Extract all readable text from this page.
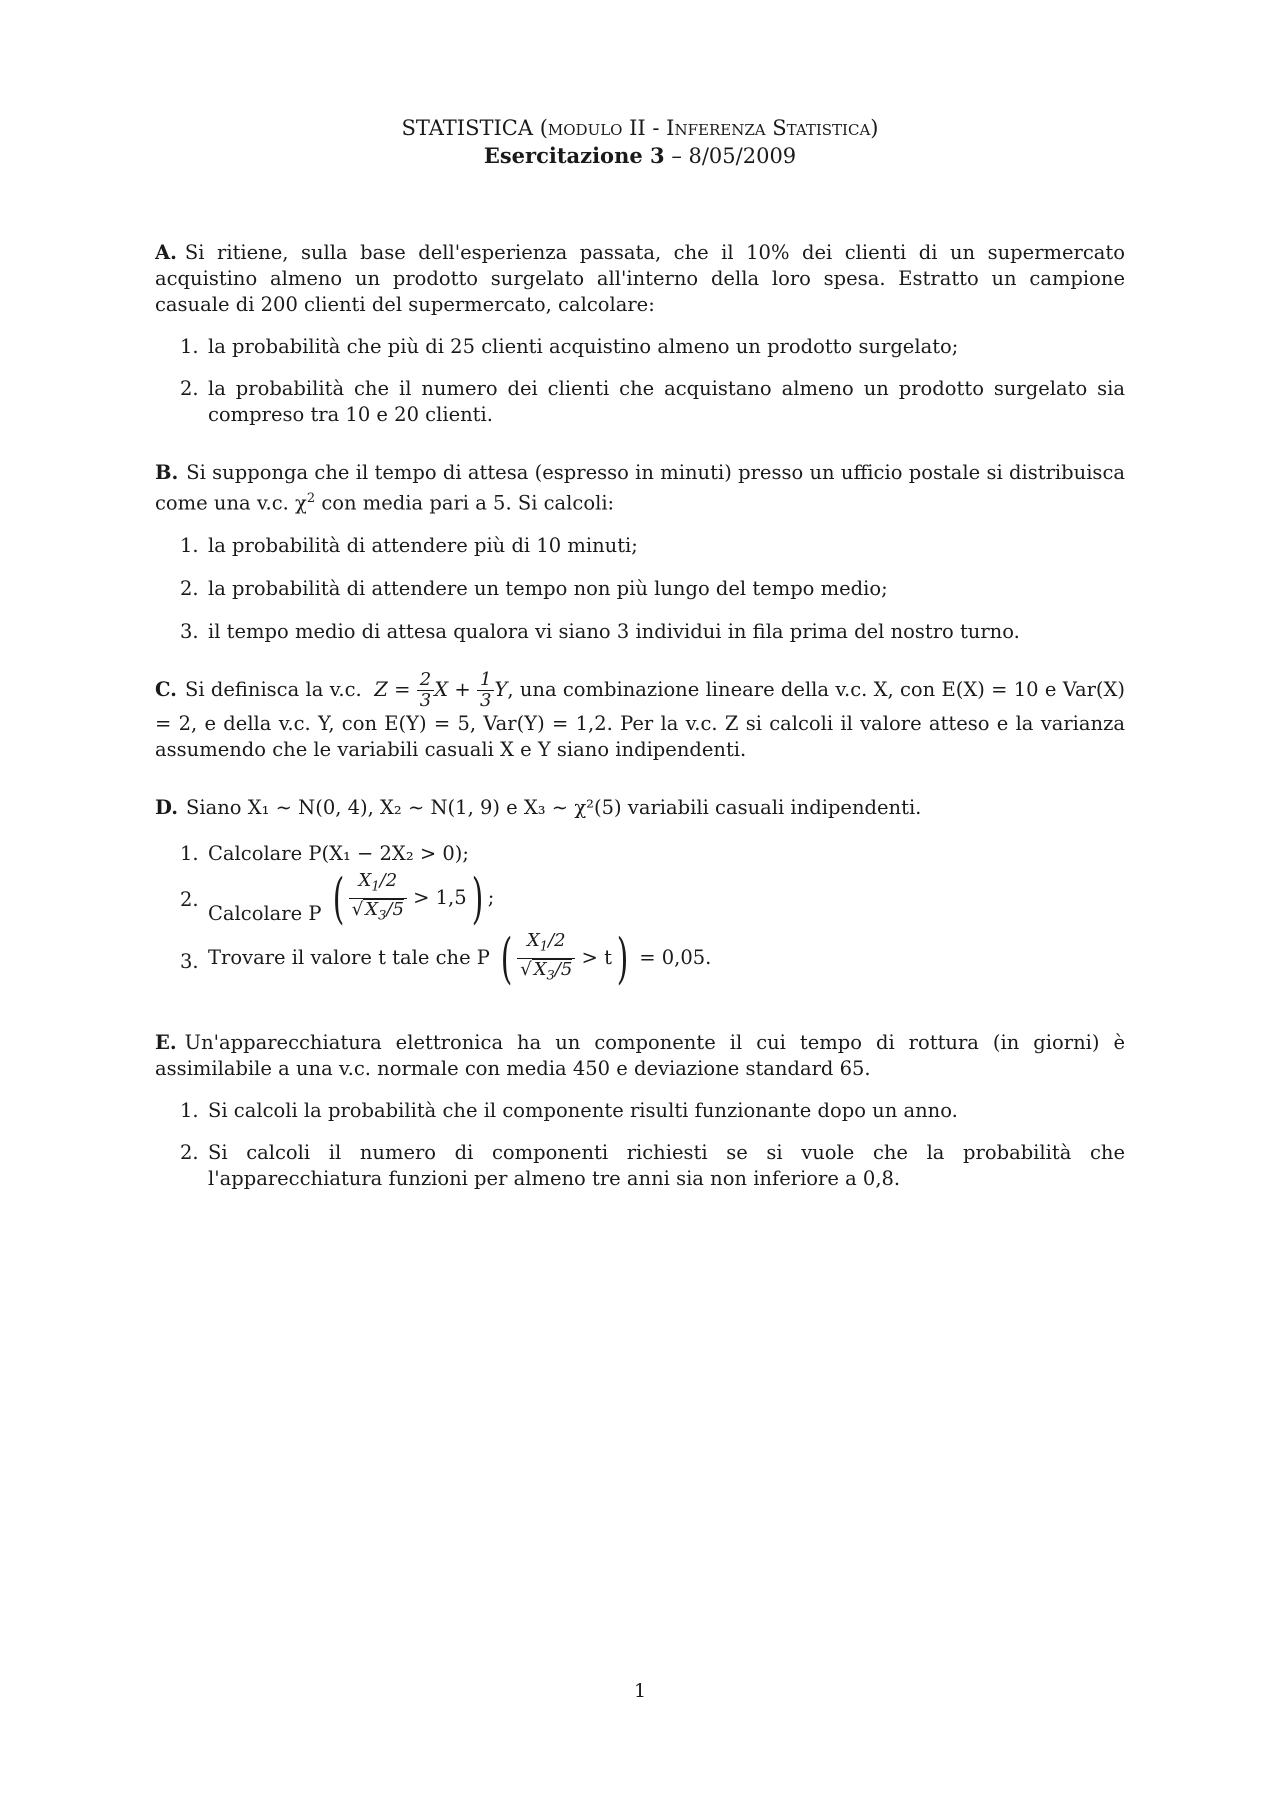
STATISTICA (modulo II - Inferenza Statistica)
Esercitazione 3 – 8/05/2009

A. Si ritiene, sulla base dell'esperienza passata, che il 10% dei clienti di un supermercato acquistino almeno un prodotto surgelato all'interno della loro spesa. Estratto un campione casuale di 200 clienti del supermercato, calcolare:

1. la probabilità che più di 25 clienti acquistino almeno un prodotto surgelato;
2. la probabilità che il numero dei clienti che acquistano almeno un prodotto surgelato sia compreso tra 10 e 20 clienti.

B. Si supponga che il tempo di attesa (espresso in minuti) presso un ufficio postale si distribuisca come una v.c. $\chi^2$ con media pari a 5. Si calcoli:

1. la probabilità di attendere più di 10 minuti;
2. la probabilità di attendere un tempo non più lungo del tempo medio;
3. il tempo medio di attesa qualora vi siano 3 individui in fila prima del nostro turno.

C. Si definisca la v.c.  $Z = \frac{2}{3}$ $X + \frac{1}{3} Y$, una combinazione lineare della v.c. X, con E(X) = 10 e Var(X) = 2, e della v.c. Y, con E(Y) = 5, Var(Y) = 1,2. Per la v.c. Z si calcoli il valore atteso e la varianza assumendo che le variabili casuali X e Y siano indipendenti.

D. Siano X₁ ∼ N(0, 4), X₂ ∼ N(1, 9) e X₃ ∼ χ²(5) variabili casuali indipendenti.

1. Calcolare P(X₁ − 2X₂ > 0);
2.
Calcolare P ( $\frac{X_1/2}{√ X_3/5} > 1,5$) ;
3. Trovare il valore t tale che P ( $\frac{X_1/2}{√ X_3/5} > t) = 0,05$.

E. Un'apparecchiatura elettronica ha un componente il cui tempo di rottura (in giorni) è assimilabile a una v.c. normale con media 450 e deviazione standard 65.

1. Si calcoli la probabilità che il componente risulti funzionante dopo un anno.
2. Si calcoli il numero di componenti richiesti se si vuole che la probabilità che l'apparecchiatura funzioni per almeno tre anni sia non inferiore a 0,8.
1
